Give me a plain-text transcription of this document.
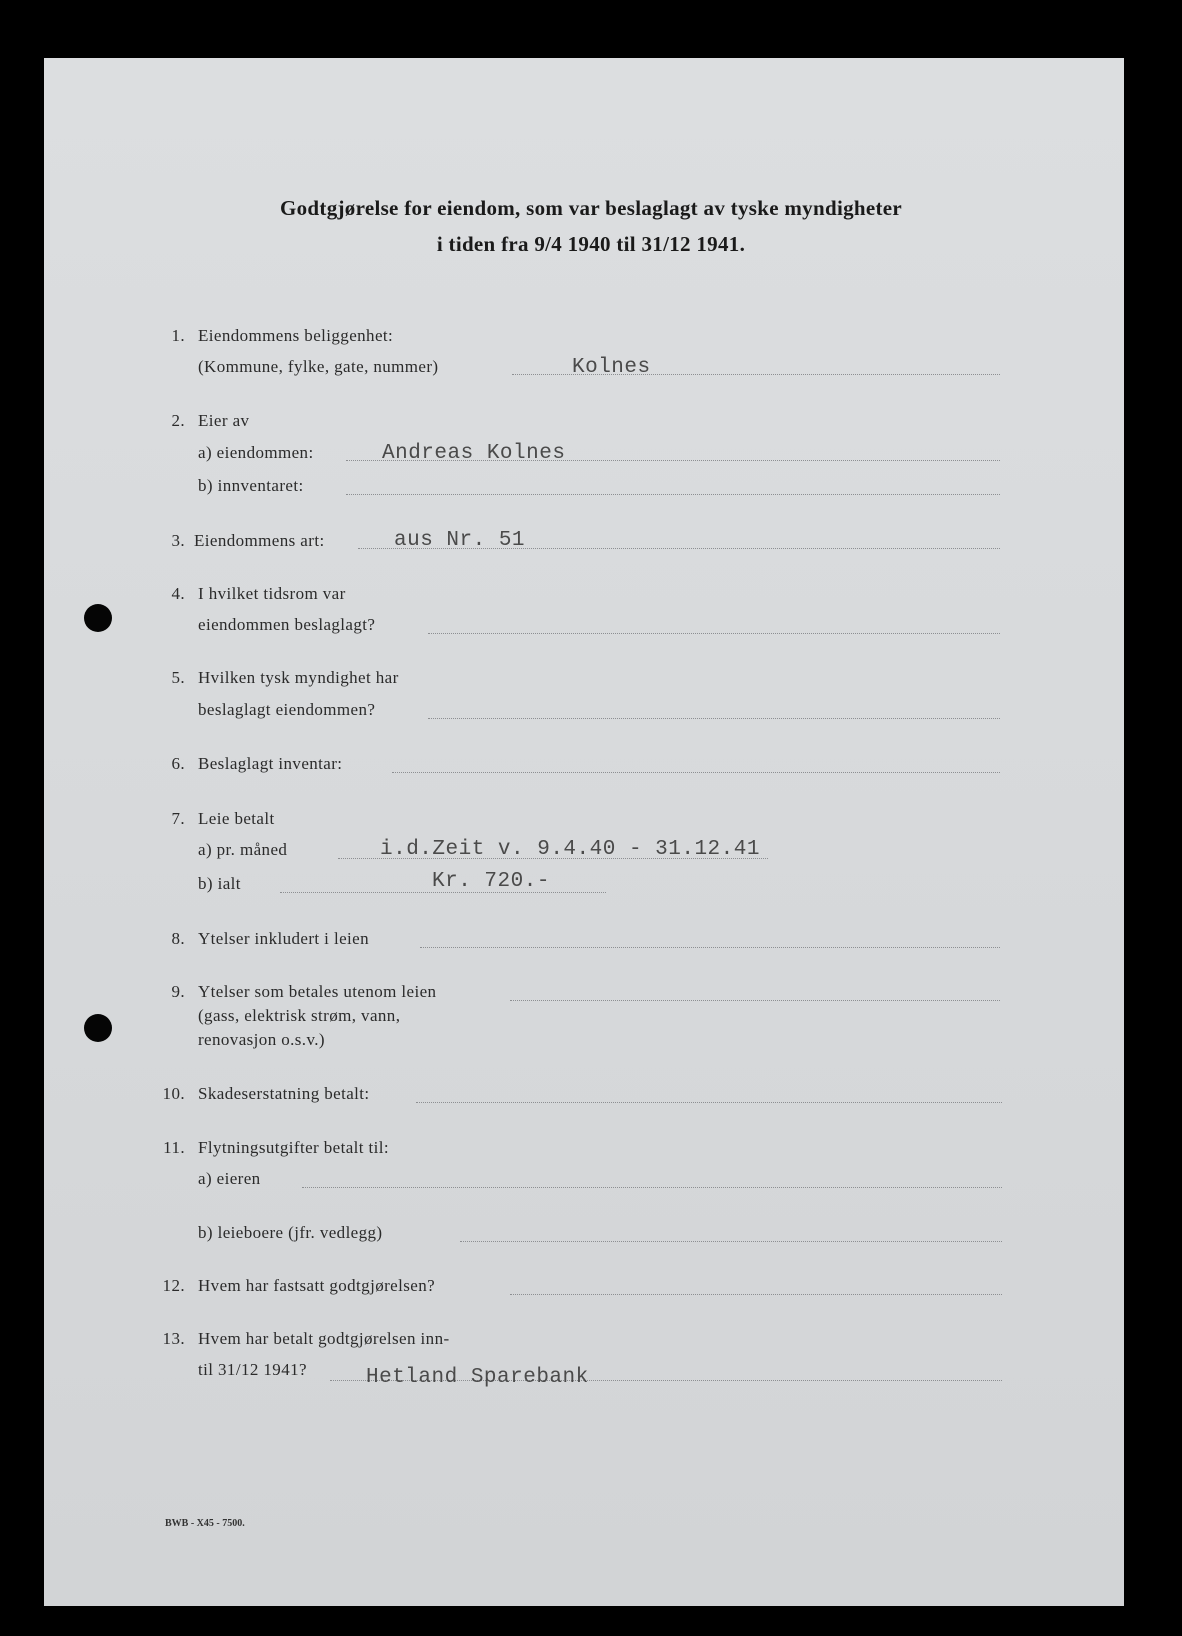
Godtgjørelse for eiendom, som var beslaglagt av tyske myndigheter
i tiden fra 9/4 1940 til 31/12 1941.
1. Eiendommens beliggenhet:
(Kommune, fylke, gate, nummer)	Kolnes
2. Eier av
a) eiendommen:	Andreas Kolnes
b) innventaret:
3. Eiendommens art:	aus Nr. 51
4. I hvilket tidsrom var
eiendommen beslaglagt?
5. Hvilken tysk myndighet har
beslaglagt eiendommen?
6. Beslaglagt inventar:
7. Leie betalt
a) pr. måned	i.d.Zeit v. 9.4.40 - 31.12.41
b) ialt	Kr. 720.-
8. Ytelser inkludert i leien
9. Ytelser som betales utenom leien
(gass, elektrisk strøm, vann,
renovasjon o.s.v.)
10. Skadeserstatning betalt:
11. Flytningsutgifter betalt til:
a) eieren
b) leieboere (jfr. vedlegg)
12. Hvem har fastsatt godtgjørelsen?
13. Hvem har betalt godtgjørelsen inn-
til 31/12 1941?	Hetland Sparebank
BWB - X45 - 7500.
